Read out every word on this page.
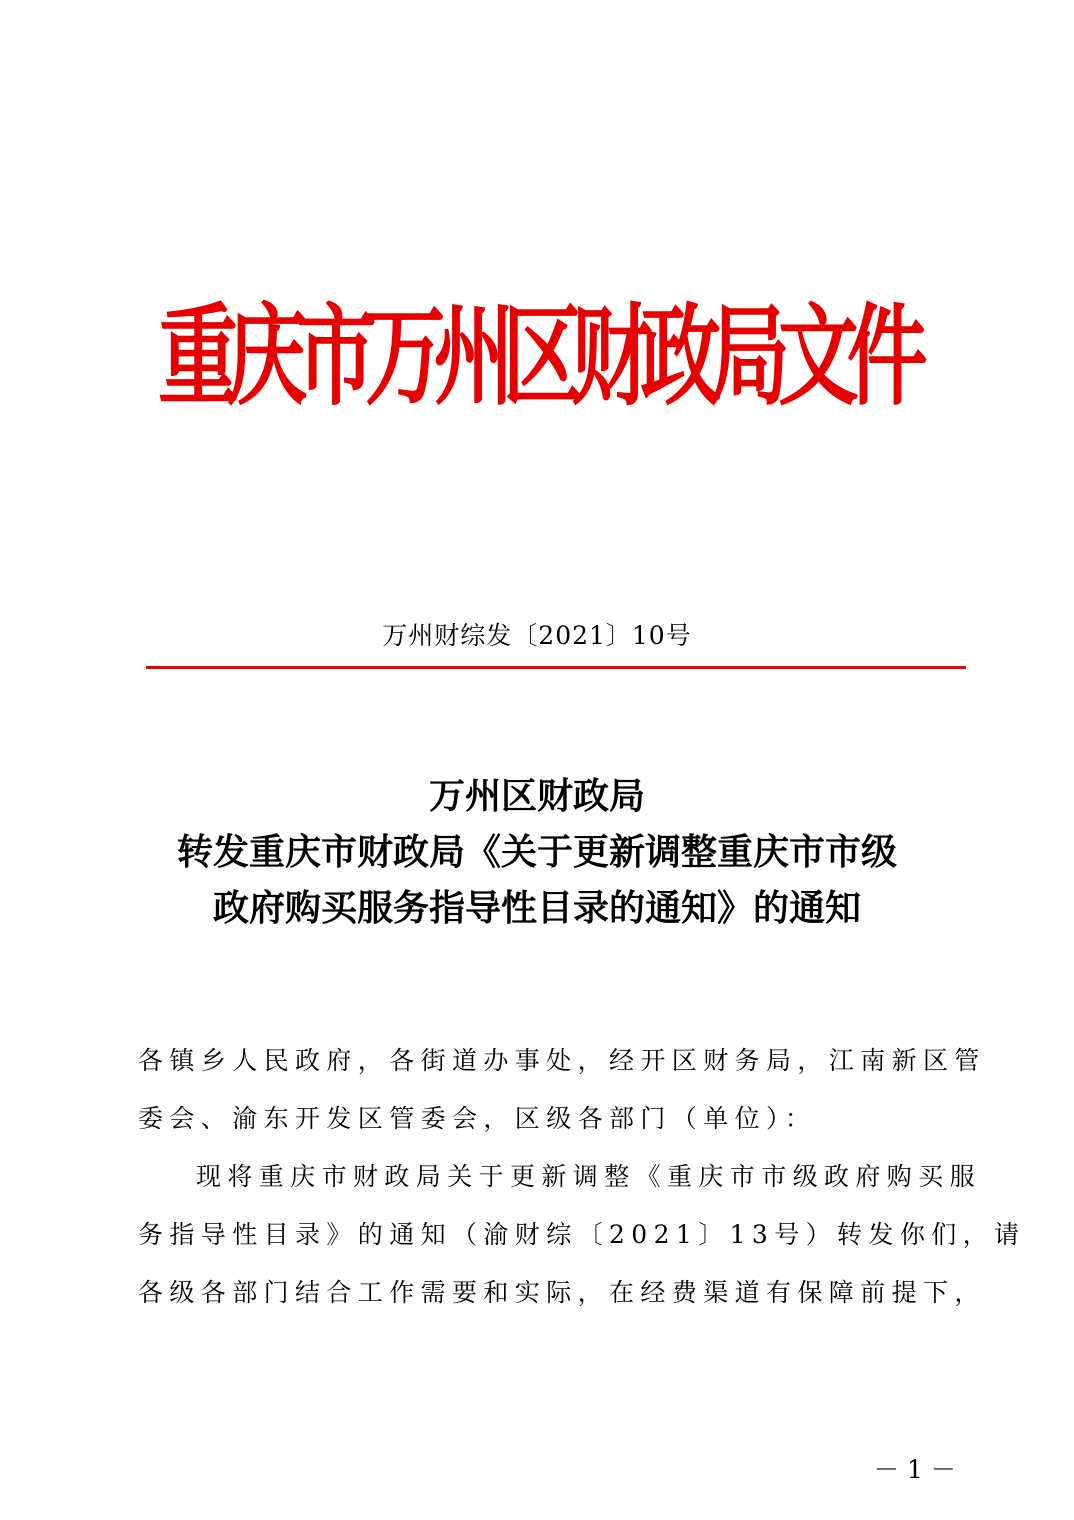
重庆市万州区财政局文件
万州财综发〔2021〕10号
万州区财政局
转发重庆市财政局《关于更新调整重庆市市级
政府购买服务指导性目录的通知》的通知
各镇乡人民政府，各街道办事处，经开区财务局，江南新区管
委会、渝东开发区管委会，区级各部门（单位）：
现将重庆市财政局关于更新调整《重庆市市级政府购买服
务指导性目录》的通知（渝财综〔2021〕13号）转发你们，请
各级各部门结合工作需要和实际，在经费渠道有保障前提下，
－ 1 －
